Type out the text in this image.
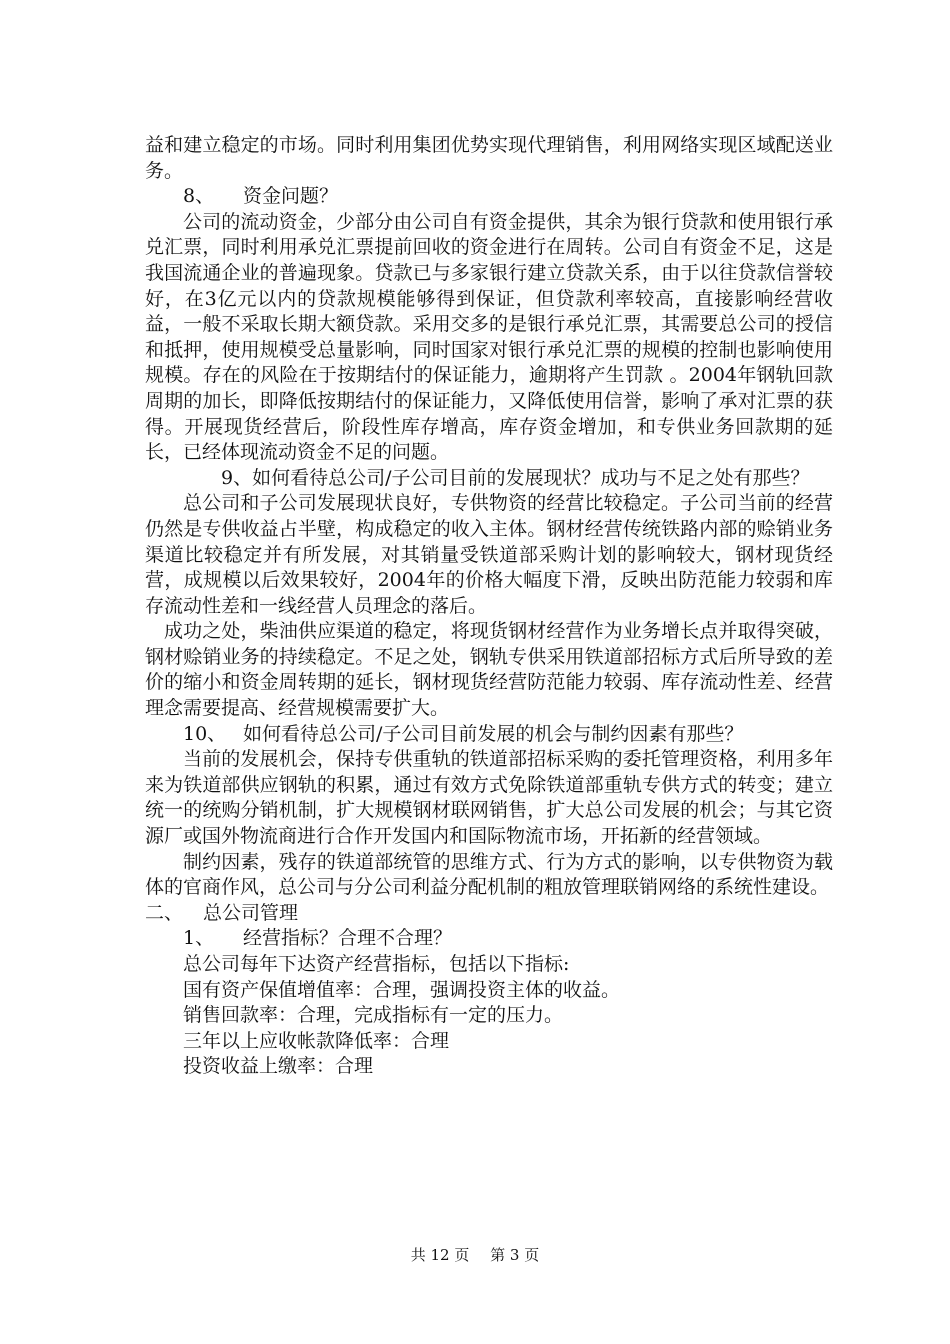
益和建立稳定的市场。同时利用集团优势实现代理销售，利用网络实现区域配送业务。

8、 资金问题？

公司的流动资金，少部分由公司自有资金提供，其余为银行贷款和使用银行承兑汇票，同时利用承兑汇票提前回收的资金进行在周转。公司自有资金不足，这是我国流通企业的普遍现象。贷款已与多家银行建立贷款关系，由于以往贷款信誉较好，在3亿元以内的贷款规模能够得到保证，但贷款利率较高，直接影响经营收益，一般不采取长期大额贷款。采用交多的是银行承兑汇票，其需要总公司的授信和抵押，使用规模受总量影响，同时国家对银行承兑汇票的规模的控制也影响使用规模。存在的风险在于按期结付的保证能力，逾期将产生罚款 。2004年钢轨回款周期的加长，即降低按期结付的保证能力，又降低使用信誉，影响了承对汇票的获得。开展现货经营后，阶段性库存增高，库存资金增加，和专供业务回款期的延长，已经体现流动资金不足的问题。

9、如何看待总公司/子公司目前的发展现状？成功与不足之处有那些？

总公司和子公司发展现状良好，专供物资的经营比较稳定。子公司当前的经营仍然是专供收益占半壁，构成稳定的收入主体。钢材经营传统铁路内部的赊销业务渠道比较稳定并有所发展，对其销量受铁道部采购计划的影响较大，钢材现货经营，成规模以后效果较好，2004年的价格大幅度下滑，反映出防范能力较弱和库存流动性差和一线经营人员理念的落后。

成功之处，柴油供应渠道的稳定，将现货钢材经营作为业务增长点并取得突破，钢材赊销业务的持续稳定。不足之处，钢轨专供采用铁道部招标方式后所导致的差价的缩小和资金周转期的延长，钢材现货经营防范能力较弱、库存流动性差、经营理念需要提高、经营规模需要扩大。

10、 如何看待总公司/子公司目前发展的机会与制约因素有那些？

当前的发展机会，保持专供重轨的铁道部招标采购的委托管理资格，利用多年来为铁道部供应钢轨的积累，通过有效方式免除铁道部重轨专供方式的转变；建立统一的统购分销机制，扩大规模钢材联网销售，扩大总公司发展的机会；与其它资源厂或国外物流商进行合作开发国内和国际物流市场，开拓新的经营领域。

制约因素，残存的铁道部统管的思维方式、行为方式的影响，以专供物资为载体的官商作风，总公司与分公司利益分配机制的粗放管理联销网络的系统性建设。

二、 总公司管理

1、 经营指标？合理不合理？

总公司每年下达资产经营指标，包括以下指标:

国有资产保值增值率：合理，强调投资主体的收益。

销售回款率：合理，完成指标有一定的压力。

三年以上应收帐款降低率：合理

投资收益上缴率：合理

共 12 页 第 3 页
